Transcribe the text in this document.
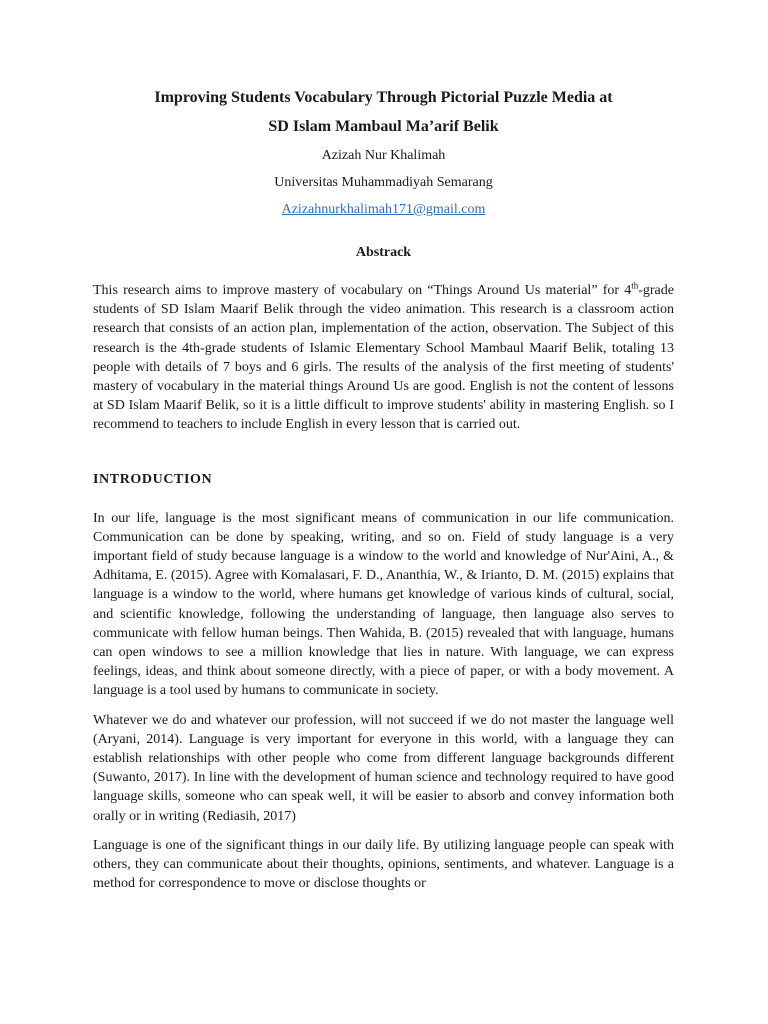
Improving Students Vocabulary Through Pictorial Puzzle Media at
SD Islam Mambaul Ma’arif Belik

Azizah Nur Khalimah

Universitas Muhammadiyah Semarang

Azizahnurkhalimah171@gmail.com

Abstrack

This research aims to improve mastery of vocabulary on “Things Around Us material” for 4th-grade students of SD Islam Maarif Belik through the video animation. This research is a classroom action research that consists of an action plan, implementation of the action, observation. The Subject of this research is the 4th-grade students of Islamic Elementary School Mambaul Maarif Belik, totaling 13 people with details of 7 boys and 6 girls. The results of the analysis of the first meeting of students' mastery of vocabulary in the material things Around Us are good. English is not the content of lessons at SD Islam Maarif Belik, so it is a little difficult to improve students' ability in mastering English. so I recommend to teachers to include English in every lesson that is carried out.

INTRODUCTION

In our life, language is the most significant means of communication in our life communication. Communication can be done by speaking, writing, and so on. Field of study language is a very important field of study because language is a window to the world and knowledge of Nur'Aini, A., & Adhitama, E. (2015). Agree with Komalasari, F. D., Ananthia, W., & Irianto, D. M. (2015) explains that language is a window to the world, where humans get knowledge of various kinds of cultural, social, and scientific knowledge, following the understanding of language, then language also serves to communicate with fellow human beings. Then Wahida, B. (2015) revealed that with language, humans can open windows to see a million knowledge that lies in nature. With language, we can express feelings, ideas, and think about someone directly, with a piece of paper, or with a body movement. A language is a tool used by humans to communicate in society.

Whatever we do and whatever our profession, will not succeed if we do not master the language well (Aryani, 2014). Language is very important for everyone in this world, with a language they can establish relationships with other people who come from different language backgrounds different (Suwanto, 2017). In line with the development of human science and technology required to have good language skills, someone who can speak well, it will be easier to absorb and convey information both orally or in writing (Rediasih, 2017)

Language is one of the significant things in our daily life. By utilizing language people can speak with others, they can communicate about their thoughts, opinions, sentiments, and whatever. Language is a method for correspondence to move or disclose thoughts or
